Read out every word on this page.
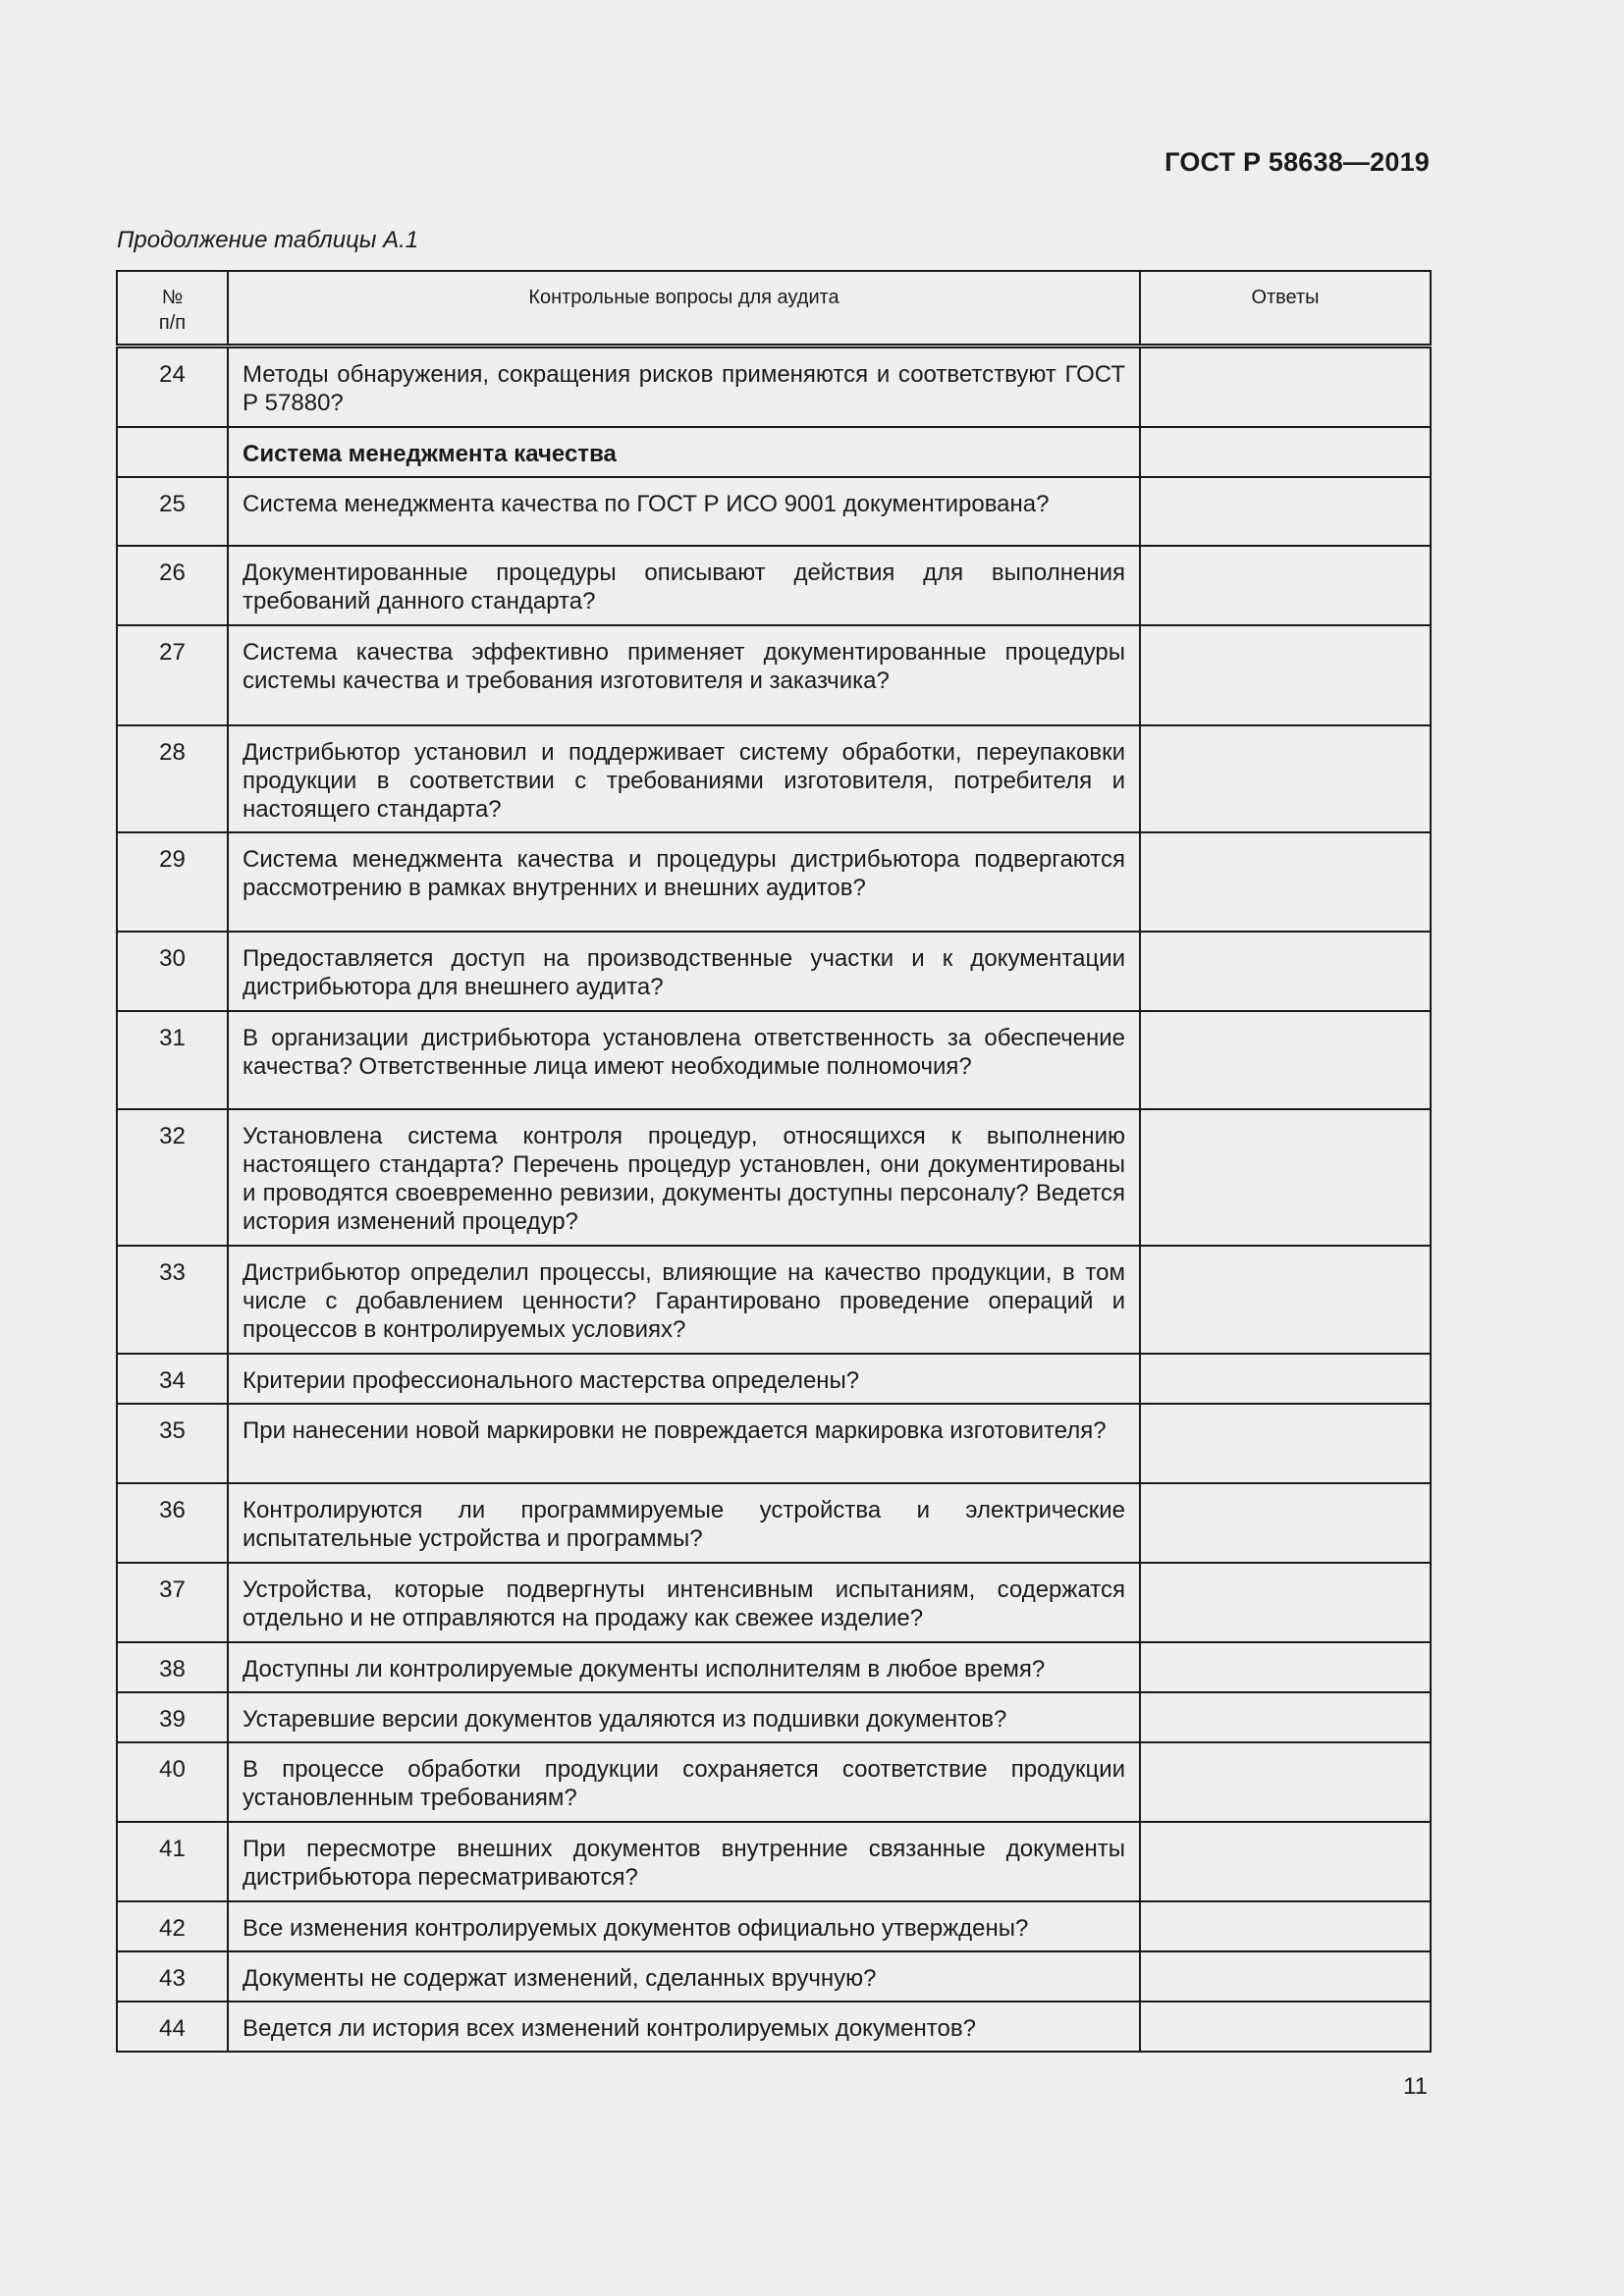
ГОСТ Р 58638—2019
Продолжение таблицы А.1
№
п/п	Контрольные вопросы для аудита	Ответы
24	Методы обнаружения, сокращения рисков применяются и соответствуют ГОСТ Р 57880?	
	Система менеджмента качества	
25	Система менеджмента качества по ГОСТ Р ИСО 9001 документирована?	
26	Документированные процедуры описывают действия для выполнения требований данного стандарта?	
27	Система качества эффективно применяет документированные процедуры системы качества и требования изготовителя и заказчика?	
28	Дистрибьютор установил и поддерживает систему обработки, переупаковки продукции в соответствии с требованиями изготовителя, потребителя и настоящего стандарта?	
29	Система менеджмента качества и процедуры дистрибьютора подвергаются рассмотрению в рамках внутренних и внешних аудитов?	
30	Предоставляется доступ на производственные участки и к документации дистрибьютора для внешнего аудита?	
31	В организации дистрибьютора установлена ответственность за обеспечение качества? Ответственные лица имеют необходимые полномочия?	
32	Установлена система контроля процедур, относящихся к выполнению настоящего стандарта? Перечень процедур установлен, они документированы и проводятся своевременно ревизии, документы доступны персоналу? Ведется история изменений процедур?	
33	Дистрибьютор определил процессы, влияющие на качество продукции, в том числе с добавлением ценности? Гарантировано проведение операций и процессов в контролируемых условиях?	
34	Критерии профессионального мастерства определены?	
35	При нанесении новой маркировки не повреждается маркировка изготовителя?	
36	Контролируются ли программируемые устройства и электрические испытательные устройства и программы?	
37	Устройства, которые подвергнуты интенсивным испытаниям, содержатся отдельно и не отправляются на продажу как свежее изделие?	
38	Доступны ли контролируемые документы исполнителям в любое время?	
39	Устаревшие версии документов удаляются из подшивки документов?	
40	В процессе обработки продукции сохраняется соответствие продукции установленным требованиям?	
41	При пересмотре внешних документов внутренние связанные документы дистрибьютора пересматриваются?	
42	Все изменения контролируемых документов официально утверждены?	
43	Документы не содержат изменений, сделанных вручную?	
44	Ведется ли история всех изменений контролируемых документов?	
11
